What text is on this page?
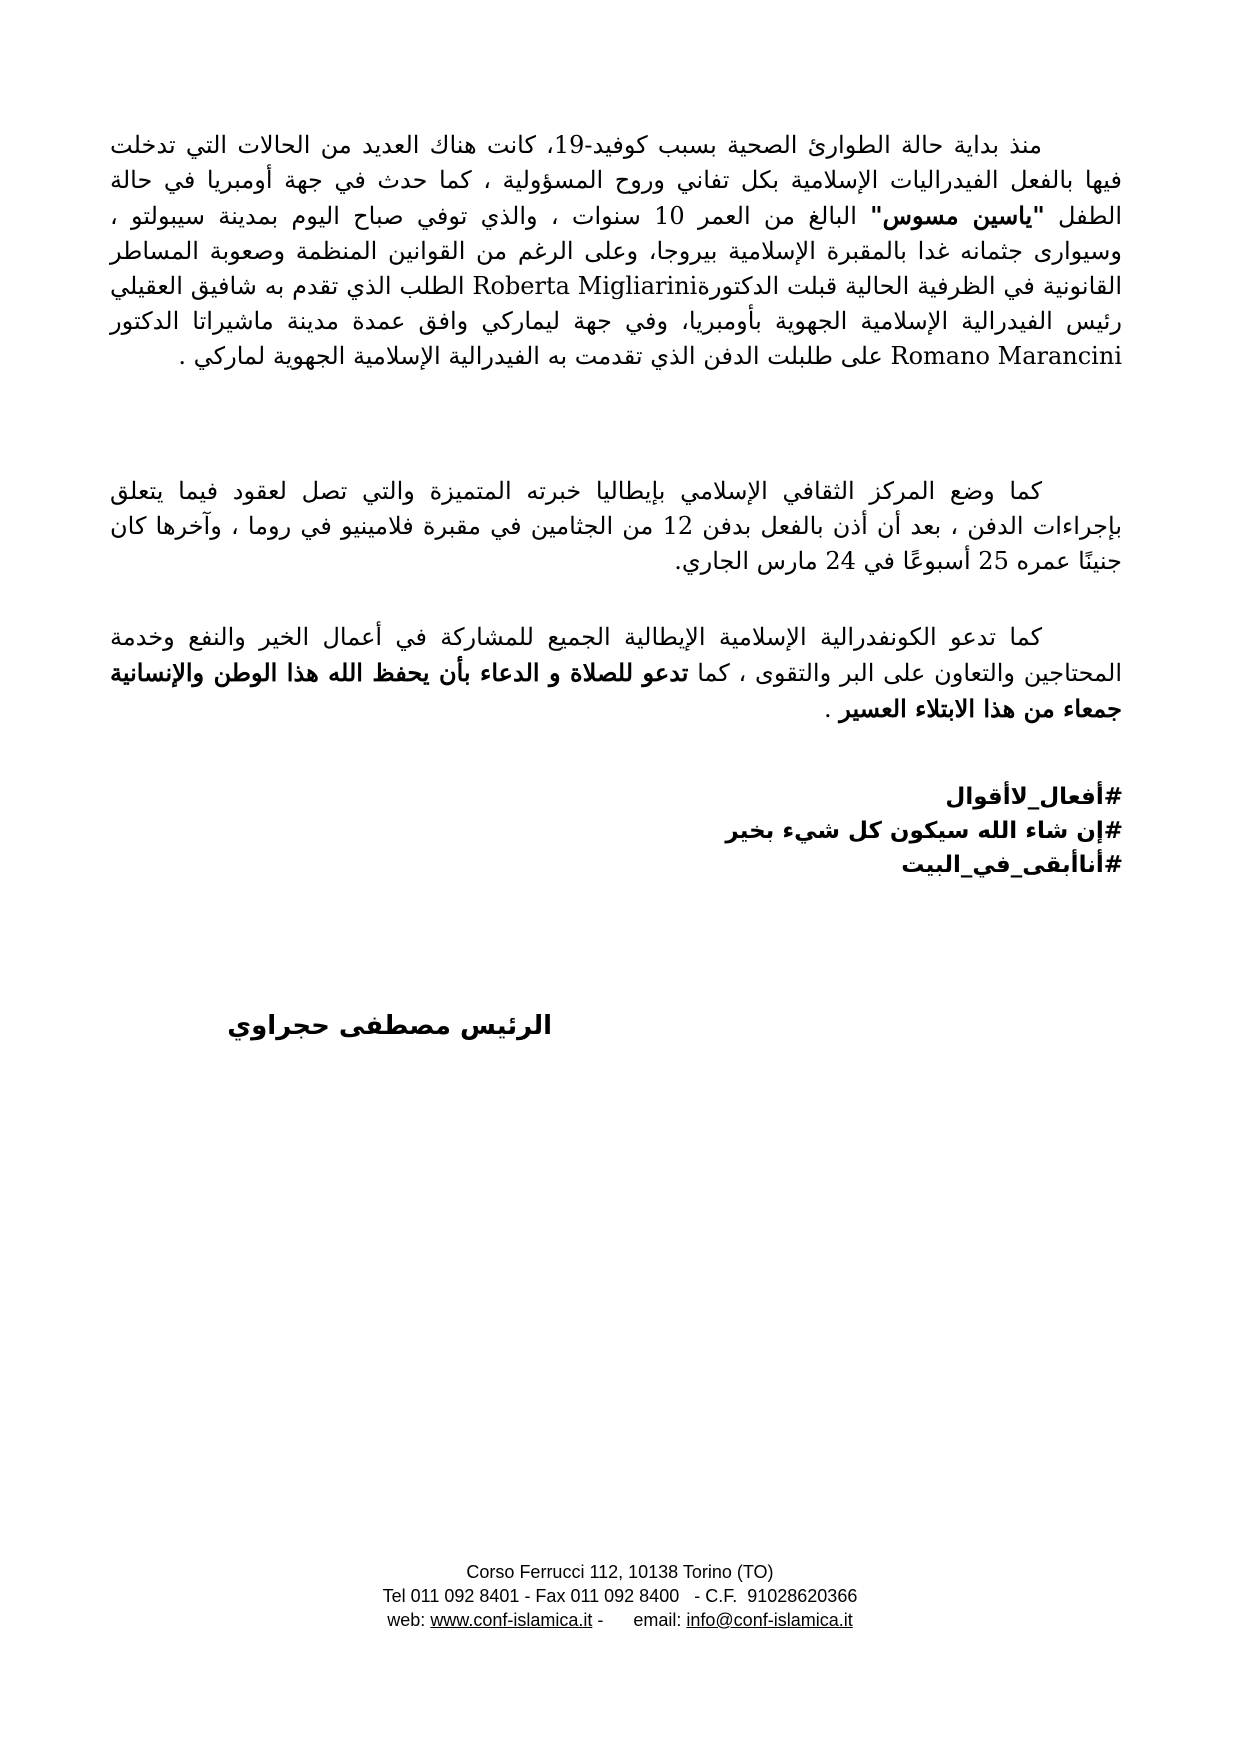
منذ بداية حالة الطوارئ الصحية بسبب كوفيد-19، كانت هناك العديد من الحالات التي تدخلت فيها بالفعل الفيدراليات الإسلامية بكل تفاني وروح المسؤولية ، كما حدث في جهة أومبريا في حالة الطفل "ياسين مسوس" البالغ من العمر 10 سنوات ، والذي توفي صباح اليوم بمدينة سيبولتو ، وسيوارى جثمانه غدا بالمقبرة الإسلامية بيروجا، وعلى الرغم من القوانين المنظمة وصعوبة المساطر القانونية في الظرفية الحالية قبلت الدكتورةRoberta Migliarini الطلب الذي تقدم به شافيق العقيلي رئيس الفيدرالية الإسلامية الجهوية بأومبريا، وفي جهة ليماركي وافق عمدة مدينة ماشيراتا الدكتور Romano Marancini على طلبلت الدفن الذي تقدمت به الفيدرالية الإسلامية الجهوية لماركي .

كما وضع المركز الثقافي الإسلامي بإيطاليا خبرته المتميزة والتي تصل لعقود فيما يتعلق بإجراءات الدفن ، بعد أن أذن بالفعل بدفن 12 من الجثامين في مقبرة فلامينيو في روما ، وآخرها كان جنينًا عمره 25 أسبوعًا في 24 مارس الجاري.

كما تدعو الكونفدرالية الإسلامية الإيطالية الجميع للمشاركة في أعمال الخير والنفع وخدمة المحتاجين والتعاون على البر والتقوى ، كما تدعو للصلاة و الدعاء بأن يحفظ الله هذا الوطن والإنسانية جمعاء من هذا الابتلاء العسير .

#أفعال_لاأقوال
#إن شاء الله سيكون كل شيء بخير
#أناأبقى_في_البيت
الرئيس مصطفى حجراوي
Corso Ferrucci 112, 10138 Torino (TO)
Tel 011 092 8401 - Fax 011 092 8400   - C.F.  91028620366
web: www.conf-islamica.it -      email: info@conf-islamica.it
